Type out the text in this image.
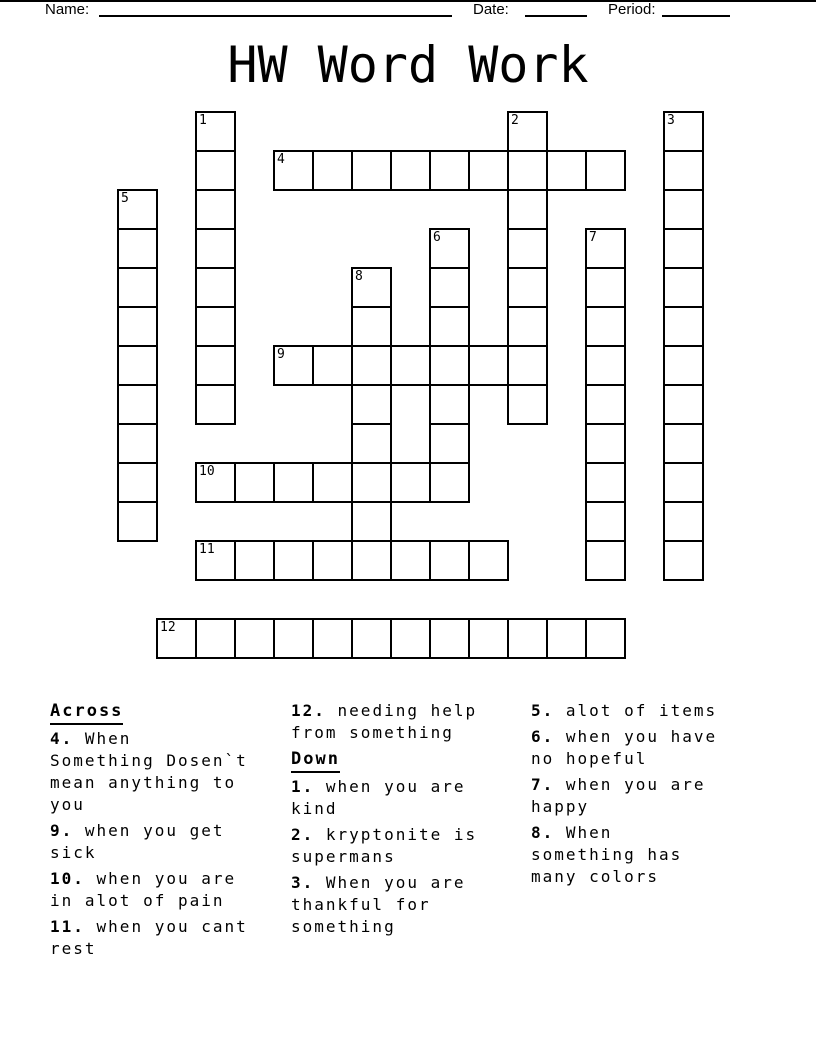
Name:	Date:	Period:
HW Word Work
1	2	3
4
5
6	7
8
9
10
11
12
Across
4. When
Something Dosen`t
mean anything to
you
9. when you get
sick
10. when you are
in alot of pain
11. when you cant
rest
12. needing help
from something
Down
1. when you are
kind
2. kryptonite is
supermans
3. When you are
thankful for
something
5. alot of items
6. when you have
no hopeful
7. when you are
happy
8. When
something has
many colors
